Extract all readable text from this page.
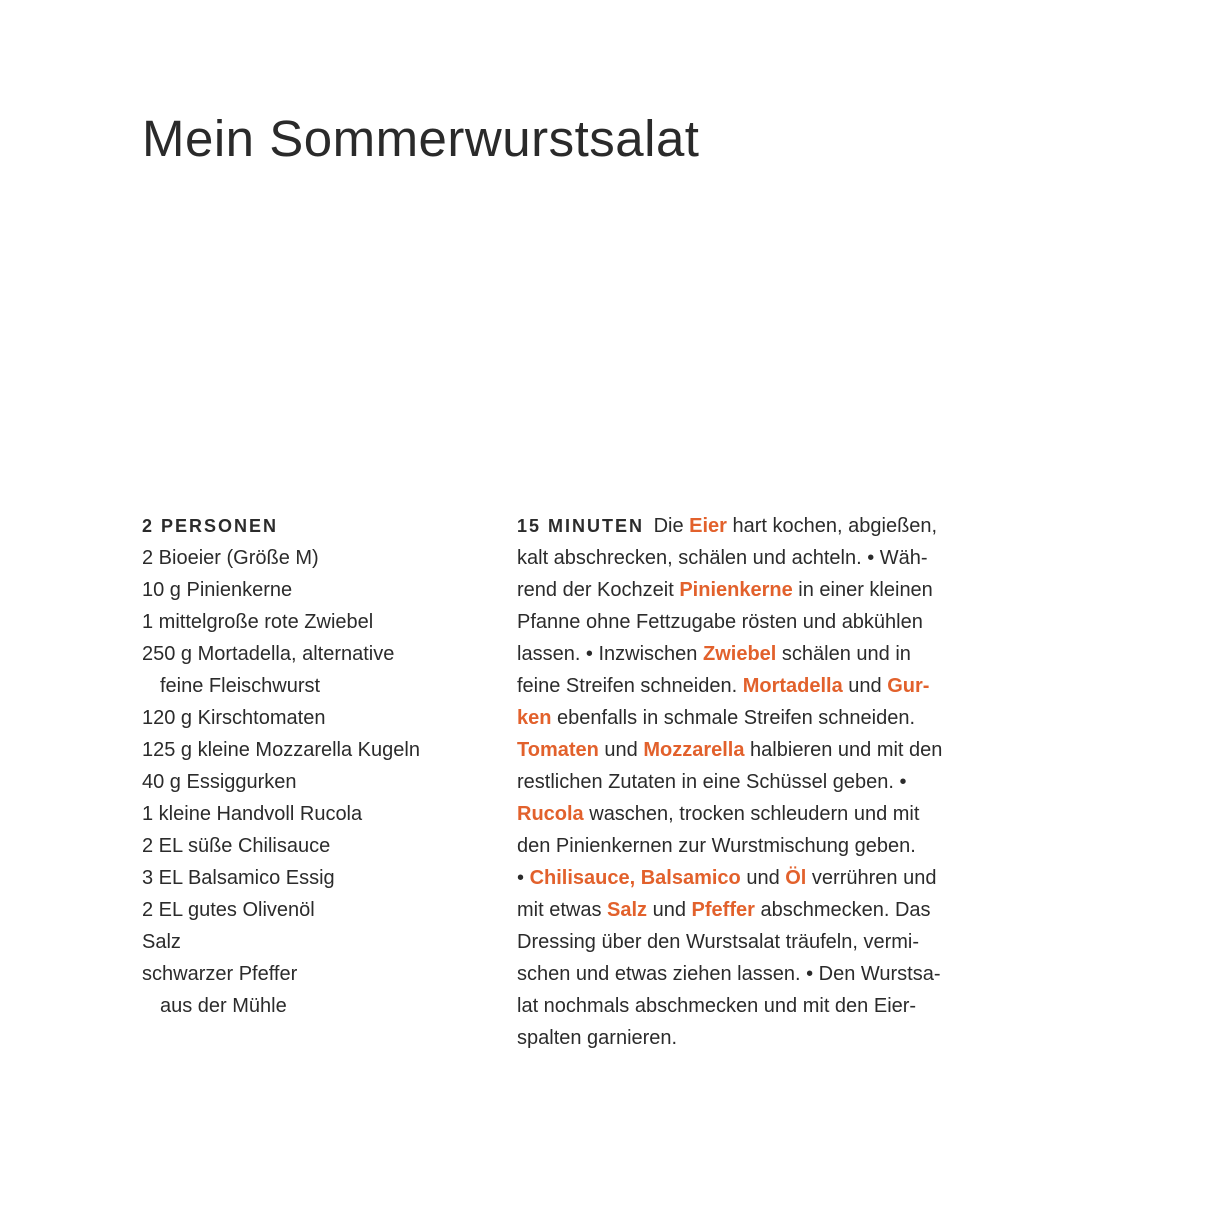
Mein Sommerwurstsalat
2 PERSONEN
2 Bioeier (Größe M)
10 g Pinienkerne
1 mittelgroße rote Zwiebel
250 g Mortadella, alternative
feine Fleischwurst
120 g Kirschtomaten
125 g kleine Mozzarella Kugeln
40 g Essiggurken
1 kleine Handvoll Rucola
2 EL süße Chilisauce
3 EL Balsamico Essig
2 EL gutes Olivenöl
Salz
schwarzer Pfeffer
aus der Mühle
15 MINUTEN Die Eier hart kochen, abgießen,
kalt abschrecken, schälen und achteln. • Wäh-
rend der Kochzeit Pinienkerne in einer kleinen
Pfanne ohne Fettzugabe rösten und abkühlen
lassen. • Inzwischen Zwiebel schälen und in
feine Streifen schneiden. Mortadella und Gur-
ken ebenfalls in schmale Streifen schneiden.
Tomaten und Mozzarella halbieren und mit den
restlichen Zutaten in eine Schüssel geben. •
Rucola waschen, trocken schleudern und mit
den Pinienkernen zur Wurstmischung geben.
• Chilisauce, Balsamico und Öl verrühren und
mit etwas Salz und Pfeffer abschmecken. Das
Dressing über den Wurstsalat träufeln, vermi-
schen und etwas ziehen lassen. • Den Wurstsa-
lat nochmals abschmecken und mit den Eier-
spalten garnieren.
